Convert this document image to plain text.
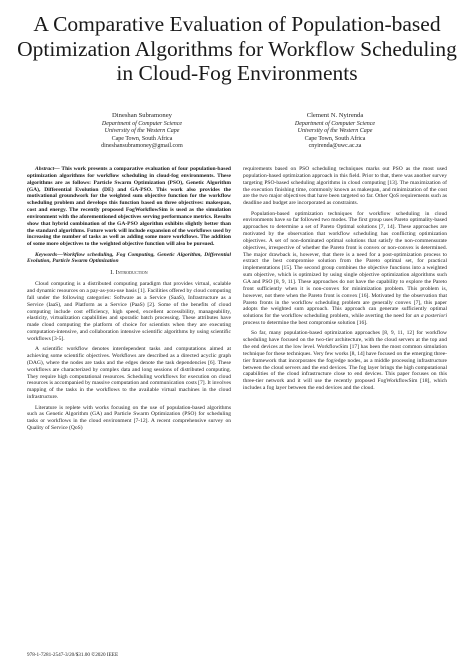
A Comparative Evaluation of Population-based
Optimization Algorithms for Workflow Scheduling
in Cloud-Fog Environments
Dineshan Subramoney
Department of Computer Science
University of the Western Cape
Cape Town, South Africa
dineshansubramoney@gmail.com
Clement N. Nyirenda
Department of Computer Science
University of the Western Cape
Cape Town, South Africa
cnyirenda@uwc.ac.za

Abstract— This work presents a comparative evaluation of four population-based optimization algorithms for workflow scheduling in cloud-fog environments. These algorithms are as follows: Particle Swarm Optimization (PSO), Genetic Algorithm (GA), Differential Evolution (DE) and GA-PSO. This work also provides the motivational groundwork for the weighted sum objective function for the workflow scheduling problem and develops this function based on three objectives: makespan, cost and energy. The recently proposed FogWorkflowSim is used as the simulation environment with the aforementioned objectives serving performance metrics. Results show that hybrid combination of the GA-PSO algorithm exhibits slightly better than the standard algorithms. Future work will include expansion of the workflows used by increasing the number of tasks as well as adding some more workflows. The addition of some more objectives to the weighted objective function will also be pursued.

Keywords—Workflow scheduling, Fog Computing, Genetic Algorithm, Differential Evolution, Particle Swarm Optimization

I. Introduction

Cloud computing is a distributed computing paradigm that provides virtual, scalable and dynamic resources on a pay-as-you-use basis [1]. Facilities offered by cloud computing fall under the following categories: Software as a Service (SaaS), Infrastructure as a Service (IaaS), and Platform as a Service (PaaS) [2]. Some of the benefits of cloud computing include cost efficiency, high speed, excellent accessibility, manageability, elasticity, virtualization capabilities and sporadic batch processing. These attributes have made cloud computing the platform of choice for scientists when they are executing computation-intensive, and collaboration intensive scientific algorithms by using scientific workflows [3-5].

A scientific workflow denotes interdependent tasks and computations aimed at achieving some scientific objectives. Workflows are described as a directed acyclic graph (DAG), where the nodes are tasks and the edges denote the task dependencies [6]. These workflows are characterized by complex data and long sessions of distributed computing. They require high computational resources. Scheduling workflows for execution on cloud resources is accompanied by massive computation and communication costs [7]. It involves mapping of the tasks in the workflows to the available virtual machines in the cloud infrastructure.

Literature is replete with works focusing on the use of population-based algorithms such as Genetic Algorithm (GA) and Particle Swarm Optimization (PSO) for scheduling tasks or workflows in the cloud environment [7-12]. A recent comprehensive survey on Quality of Service (QoS)

requirements based on PSO scheduling techniques marks out PSO as the most used population-based optimization approach in this field. Prior to that, there was another survey targeting PSO-based scheduling algorithms in cloud computing [13]. The maximization of the execution finishing time, commonly known as makespan, and minimization of the cost are the two major objectives that have been targeted so far. Other QoS requirements such as deadline and budget are incorporated as constraints.

Population-based optimization techniques for workflow scheduling in cloud environments have so far followed two modes. The first group uses Pareto optimality-based approaches to determine a set of Pareto Optimal solutions [7, 14]. These approaches are motivated by the observation that workflow scheduling has conflicting optimization objectives. A set of non-dominated optimal solutions that satisfy the non-commensurate objectives, irrespective of whether the Pareto front is convex or non-convex is determined. The major drawback is, however, that there is a need for a post-optimization process to extract the best compromise solution from the Pareto optimal set, for practical implementations [15]. The second group combines the objective functions into a weighted sum objective, which is optimized by using single objective optimization algorithms such GA and PSO [8, 9, 11]. These approaches do not have the capability to explore the Pareto front sufficiently when it is non-convex for minimization problem. This problem is, however, not there when the Pareto front is convex [16]. Motivated by the observation that Pareto fronts in the workflow scheduling problem are generally convex [7], this paper adopts the weighted sum approach. This approach can generate sufficiently optimal solutions for the workflow scheduling problem, while averting the need for an a posteriori process to determine the best compromise solution [16].

So far, many population-based optimization approaches [8, 9, 11, 12] for workflow scheduling have focused on the two-tier architecture, with the cloud servers at the top and the end devices at the low level. WorkflowSim [17] has been the most common simulation technique for these techniques. Very few works [8, 14] have focused on the emerging three-tier framework that incorporates the fog/edge nodes, as a middle processing infrastructure between the cloud servers and the end devices. The fog layer brings the high computational capabilities of the cloud infrastructure close to end devices. This paper focuses on this three-tier network and it will use the recently proposed FogWorkflowSim [18], which includes a fog layer between the end devices and the cloud.

978-1-7281-2547-3/20/$31.00 ©2020 IEEE
